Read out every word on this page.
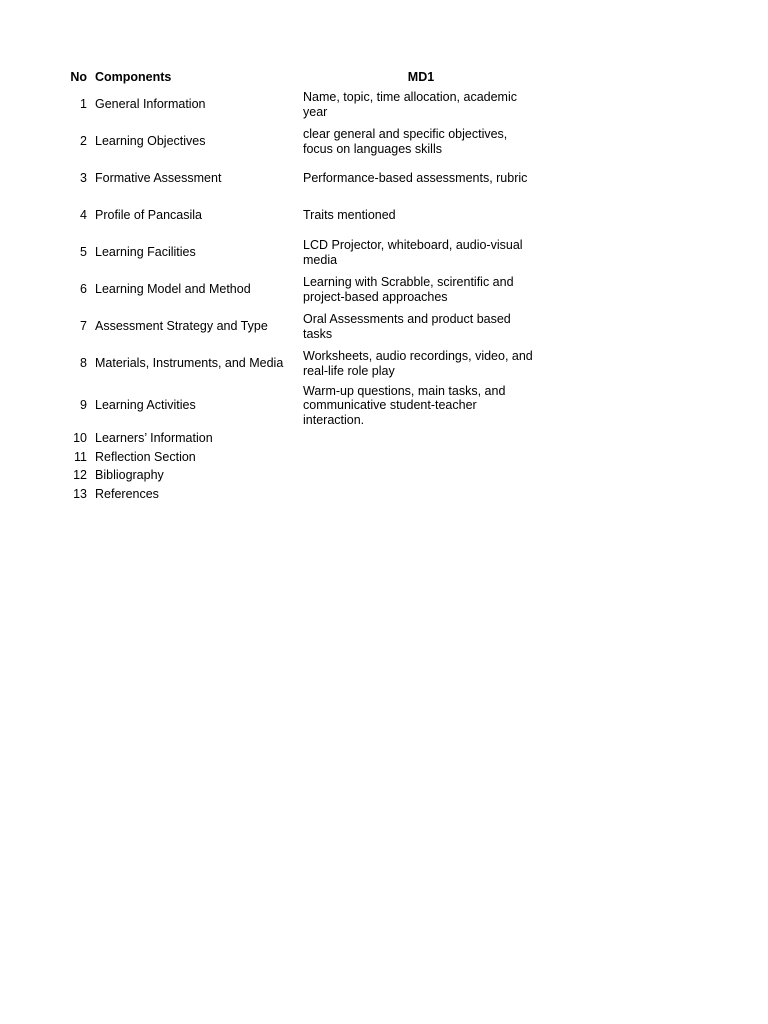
No	Components	MD1
1	General Information	Name, topic, time allocation, academic year
2	Learning Objectives	clear general and specific objectives, focus on languages skills
3	Formative Assessment	Performance-based assessments, rubric
4	Profile of Pancasila	Traits mentioned
5	Learning Facilities	LCD Projector, whiteboard, audio-visual media
6	Learning Model and Method	Learning with Scrabble, scirentific and project-based approaches
7	Assessment Strategy and Type	Oral Assessments and product based tasks
8	Materials, Instruments, and Media	Worksheets, audio recordings, video, and real-life role play
9	Learning Activities	Warm-up questions, main tasks, and communicative student-teacher interaction.
10	Learners’ Information	
11	Reflection Section	
12	Bibliography	
13	References	
